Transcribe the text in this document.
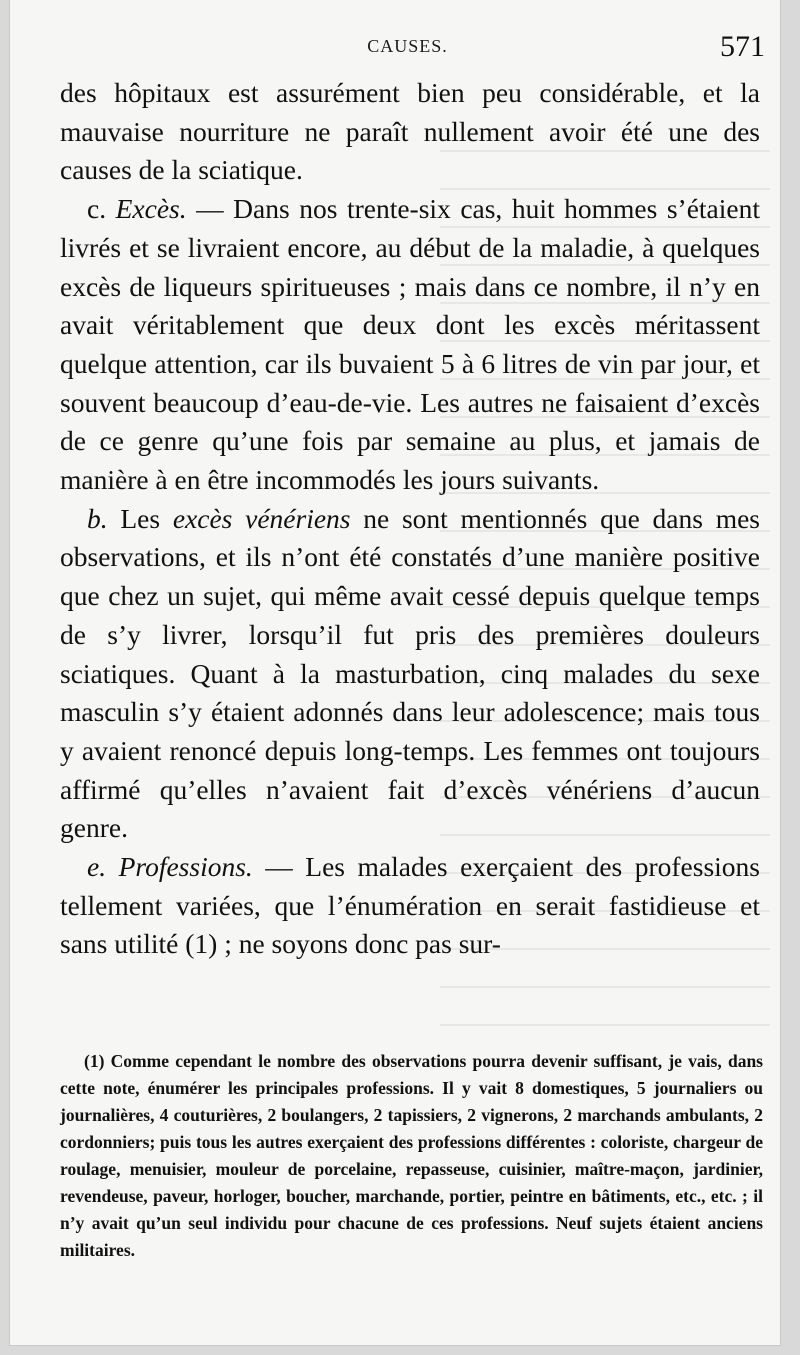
CAUSES.	571

des hôpitaux est assurément bien peu considérable, et la mauvaise nourriture ne paraît nullement avoir été une des causes de la sciatique.

c. Excès. — Dans nos trente-six cas, huit hommes s’étaient livrés et se livraient encore, au début de la maladie, à quelques excès de liqueurs spiritueuses ; mais dans ce nombre, il n’y en avait véritablement que deux dont les excès méritassent quelque attention, car ils buvaient 5 à 6 litres de vin par jour, et souvent beaucoup d’eau-de-vie. Les autres ne faisaient d’excès de ce genre qu’une fois par semaine au plus, et jamais de manière à en être incommodés les jours suivants.

b. Les excès vénériens ne sont mentionnés que dans mes observations, et ils n’ont été constatés d’une manière positive que chez un sujet, qui même avait cessé depuis quelque temps de s’y livrer, lorsqu’il fut pris des premières douleurs sciatiques. Quant à la masturbation, cinq malades du sexe masculin s’y étaient adonnés dans leur adolescence; mais tous y avaient renoncé depuis long-temps. Les femmes ont toujours affirmé qu’elles n’avaient fait d’excès vénériens d’aucun genre.

e. Professions. — Les malades exerçaient des professions tellement variées, que l’énumération en serait fastidieuse et sans utilité (1) ; ne soyons donc pas sur-

(1) Comme cependant le nombre des observations pourra devenir suffisant, je vais, dans cette note, énumérer les principales professions. Il y vait 8 domestiques, 5 journaliers ou journalières, 4 couturières, 2 boulangers, 2 tapissiers, 2 vignerons, 2 marchands ambulants, 2 cordonniers; puis tous les autres exerçaient des professions différentes : coloriste, chargeur de roulage, menuisier, mouleur de porcelaine, repasseuse, cuisinier, maître-maçon, jardinier, revendeuse, paveur, horloger, boucher, marchande, portier, peintre en bâtiments, etc., etc. ; il n’y avait qu’un seul individu pour chacune de ces professions. Neuf sujets étaient anciens militaires.
